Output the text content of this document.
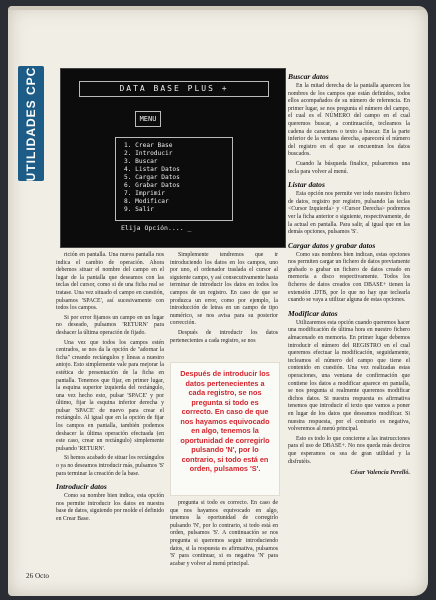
UTILIDADES CPC	DATA BASE PLUS +
MENU
1. Crear Base
2. Introducir
3. Buscar
4. Listar Datos
5. Cargar Datos
6. Grabar Datos
7. Imprimir
8. Modificar
9. Salir
Elija Opción.... _

rición en pantalla. Una nueva pantalla nos indica el cambio de operación. Ahora debemos situar el nombre del campo en el lugar de la pantalla que deseamos con las teclas del cursor, como si de una ficha real se tratase. Una vez situado el campo en cuestión, pulsamos 'SPACE', así sucesivamente con todos los campos.

Si por error fijamos un campo en un lugar no deseado, pulsamos 'RETURN' para deshacer la última operación de fijado.

Una vez que todos los campos estén centrados, se nos da la opción de "adornar la ficha" creando rectángulos y líneas a nuestro antojo. Esto simplemente vale para mejorar la estética de presentación de la ficha en pantalla. Tenemos que fijar, en primer lugar, la esquina superior izquierda del rectángulo, una vez hecho esto, pulsar 'SPACE' y por último, fijar la esquina inferior derecha y pulsar 'SPACE' de nuevo para crear el rectángulo. Al igual que en la opción de fijar los campos en pantalla, también podemos deshacer la última operación efectuada (en este caso, crear un rectángulo) simplemente pulsando 'RETURN'.

Si hemos acabado de situar los rectángulos o ya no deseamos introducir más, pulsamos 'S' para terminar la creación de la base.

Introducir datos

Como su nombre bien indica, esta opción nos permite introducir los datos en nuestra base de datos, siguiendo por molde el definido en Crear Base.

Simplemente tendremos que ir introduciendo los datos en los campos, uno por uno, el ordenador traslada el cursor al siguiente campo, y así consecutivamente hasta terminar de introducir los datos en todos los campos de un registro. En caso de que se produzca un error, como por ejemplo, la introducción de letras en un campo de tipo numérico, se nos avisa para su posterior corrección.

Después de introducir los datos pertenecientes a cada registro, se nos

Después de introducir los datos pertenecientes a cada registro, se nos pregunta si todo es correcto. En caso de que nos hayamos equivocado en algo, tenemos la oportunidad de corregirlo pulsando 'N', por lo contrario, si todo está en orden, pulsamos 'S'.

pregunta si todo es correcto. En caso de que nos hayamos equivocado en algo, tenemos la oportunidad de corregirlo pulsando 'N', por lo contrario, si todo está en orden, pulsamos 'S'. A continuación se nos pregunta si queremos seguir introduciendo datos, si la respuesta es afirmativa, pulsamos 'S' para continuar, si es negativa 'N' para acabar y volver al menú principal.

Buscar datos

En la mitad derecha de la pantalla aparecen los nombres de los campos que están definidos, todos ellos acompañados de su número de referencia. En primer lugar, se nos pregunta el número del campo, el cual es el NÚMERO del campo en el cual queremos buscar, a continuación, tecleamos la cadena de caracteres o texto a buscar. En la parte inferior de la ventana derecha, aparecerá el número del registro en el que se encuentran los datos buscados.

Cuando la búsqueda finalice, pulsaremos una tecla para volver al menú.

Listar datos

Esta opción nos permite ver todo nuestro fichero de datos, registro por registro, pulsando las teclas <Cursor Izquierda> y <Cursor Derecha> podremos ver la ficha anterior o siguiente, respectivamente, de la actual en pantalla. Para salir, al igual que en las demás opciones, pulsamos 'S'.

Cargar datos y grabar datos

Como sus nombres bien indican, estas opciones nos permiten cargar un fichero de datos previamente grabado o grabar un fichero de datos creado en memoria a disco respectivamente. Todos los ficheros de datos creados con DBASE+ tienen la extensión .DTB, por lo que no hay que teclearla cuando se vaya a utilizar alguna de estas opciones.

Modificar datos

Utilizaremos esta opción cuando queremos hacer una modificación de última hora en nuestro fichero almacenado en memoria. En primer lugar debemos introducir el número del REGISTRO en el cual queremos efectuar la modificación, seguidamente, tecleamos el número del campo que tiene el contenido en cuestión. Una vez realizadas estas operaciones, una ventana de confirmación que contiene los datos a modificar aparece en pantalla, se nos pregunta si realmente queremos modificar dichos datos. Si nuestra respuesta es afirmativa tenemos que introducir el texto que vamos a poner en lugar de los datos que deseamos modificar. Si nuestra respuesta, por el contrario es negativa, volveremos al menú principal.

Esto es todo lo que concierne a las instrucciones para el uso de DBASE+. No nos queda más deciros que esperamos os sea de gran utilidad y la disfrutéis.

César Valencia Perelló.
26 Octo
